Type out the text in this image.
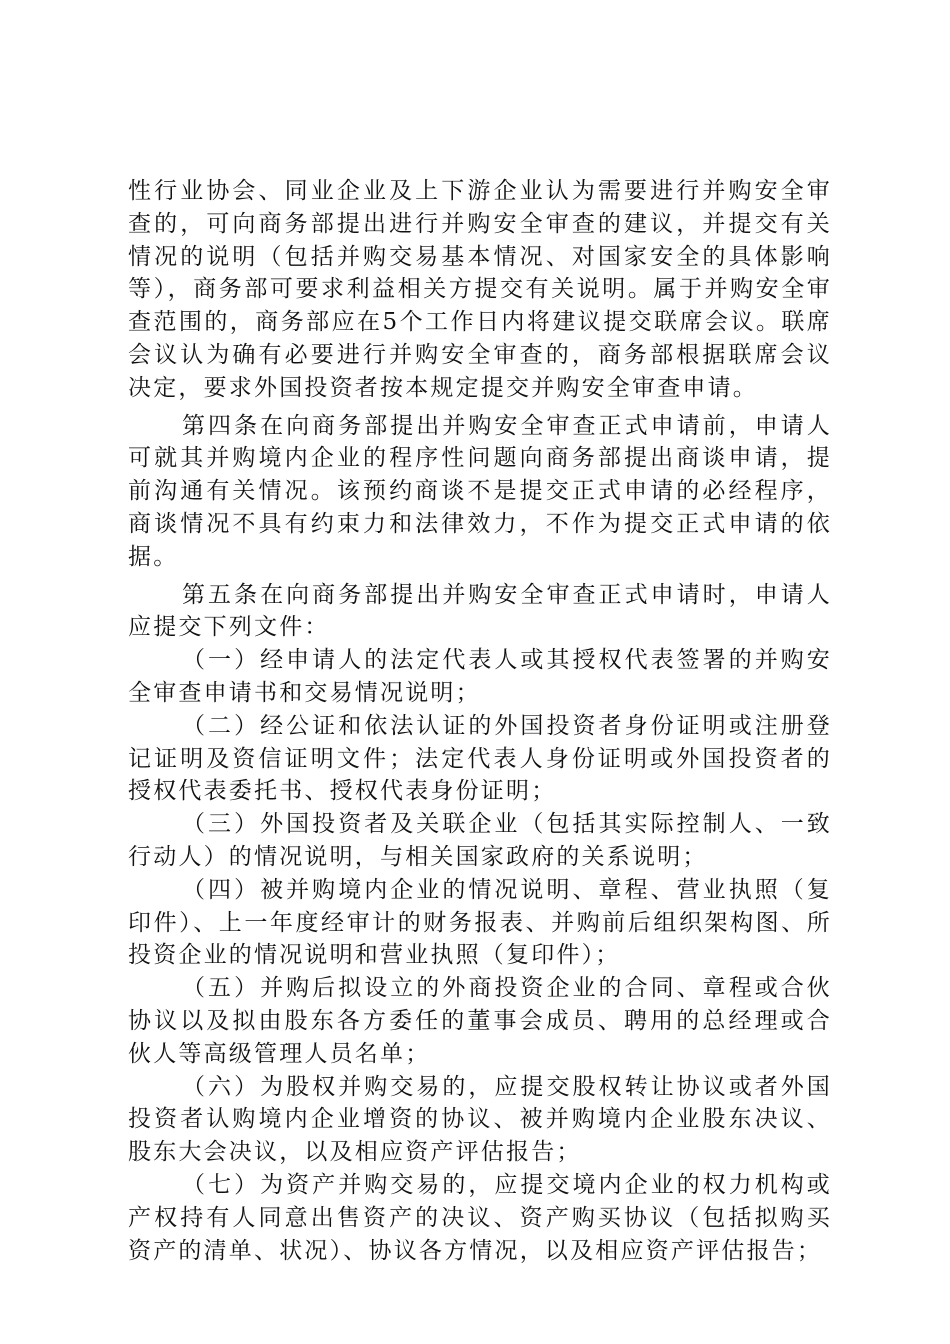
性行业协会、同业企业及上下游企业认为需要进行并购安全审查的，可向商务部提出进行并购安全审查的建议，并提交有关情况的说明（包括并购交易基本情况、对国家安全的具体影响等），商务部可要求利益相关方提交有关说明。属于并购安全审查范围的，商务部应在5个工作日内将建议提交联席会议。联席会议认为确有必要进行并购安全审查的，商务部根据联席会议决定，要求外国投资者按本规定提交并购安全审查申请。

第四条在向商务部提出并购安全审查正式申请前，申请人可就其并购境内企业的程序性问题向商务部提出商谈申请，提前沟通有关情况。该预约商谈不是提交正式申请的必经程序，商谈情况不具有约束力和法律效力，不作为提交正式申请的依据。

第五条在向商务部提出并购安全审查正式申请时，申请人应提交下列文件：

（一）经申请人的法定代表人或其授权代表签署的并购安全审查申请书和交易情况说明；

（二）经公证和依法认证的外国投资者身份证明或注册登记证明及资信证明文件；法定代表人身份证明或外国投资者的授权代表委托书、授权代表身份证明；

（三）外国投资者及关联企业（包括其实际控制人、一致行动人）的情况说明，与相关国家政府的关系说明；

（四）被并购境内企业的情况说明、章程、营业执照（复印件）、上一年度经审计的财务报表、并购前后组织架构图、所投资企业的情况说明和营业执照（复印件）；

（五）并购后拟设立的外商投资企业的合同、章程或合伙协议以及拟由股东各方委任的董事会成员、聘用的总经理或合伙人等高级管理人员名单；

（六）为股权并购交易的，应提交股权转让协议或者外国投资者认购境内企业增资的协议、被并购境内企业股东决议、股东大会决议，以及相应资产评估报告；

（七）为资产并购交易的，应提交境内企业的权力机构或产权持有人同意出售资产的决议、资产购买协议（包括拟购买资产的清单、状况）、协议各方情况，以及相应资产评估报告；
